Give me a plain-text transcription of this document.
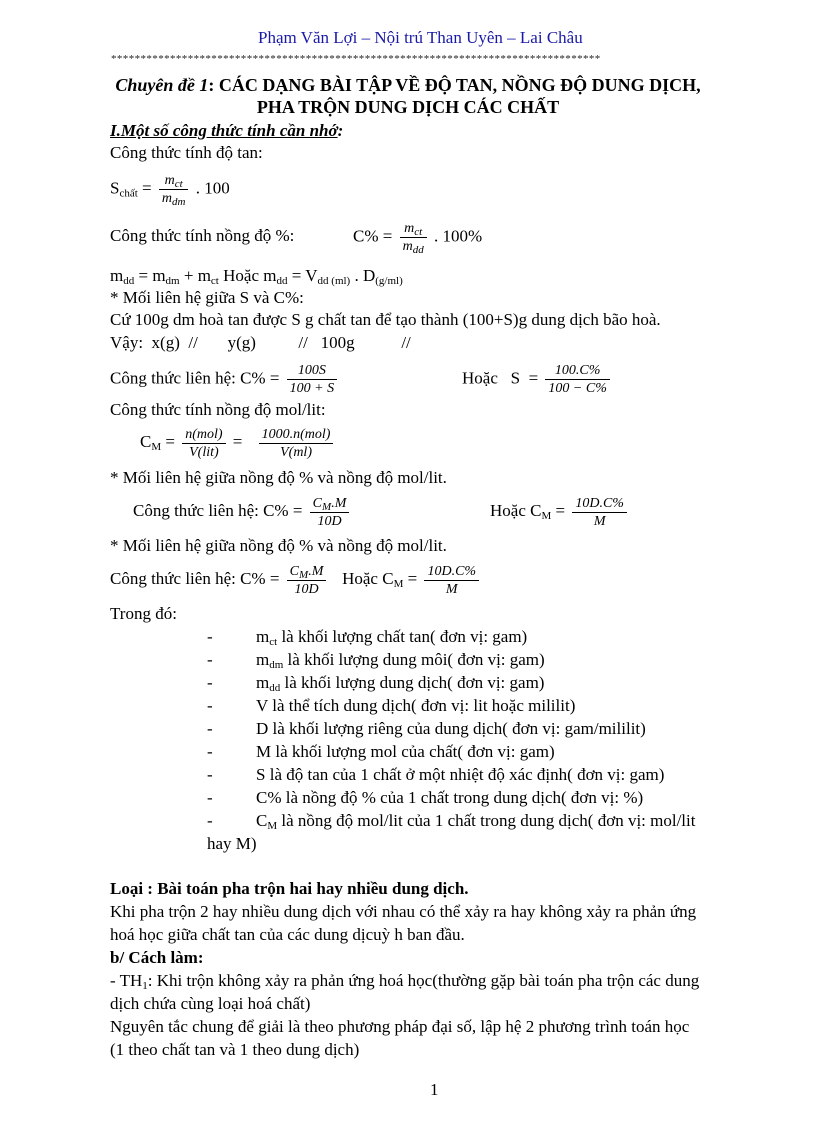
Phạm Văn Lợi – Nội trú Than Uyên – Lai Châu
***********************************************************************************
Chuyên đề 1: CÁC DẠNG BÀI TẬP VỀ ĐỘ TAN, NỒNG ĐỘ DUNG DỊCH,
PHA TRỘN DUNG DỊCH CÁC CHẤT
I.Một số công thức tính cần nhớ:
Công thức tính độ tan:
$S_{chất} = \frac{m_{ct}}{m_{dm}}$ . 100
Công thức tính nồng độ %:	$C\% = \frac{m_{ct}}{m_{dd}}$ . 100%
$m_{dd} = m_{dm} + m_{ct}$ Hoặc $m_{dd} = V_{dd (ml)}$ . $D_{(g/ml)}$
* Mối liên hệ giữa S và C%:
Cứ 100g dm hoà tan được S g chất tan để tạo thành (100+S)g dung dịch bão hoà.
Vậy:  x(g)  //       y(g)          //   100g           //
Công thức liên hệ: $C\% = \frac{100S}{100 + S}$	Hoặc   $S = \frac{100.C\%}{100 - C\%}$
Công thức tính nồng độ mol/lit:
$C_M = \frac{\text{n(mol)}}{\text{V(lit)}} = \frac{\text{1000.n(mol)}}{V(ml)}$
* Mối liên hệ giữa nồng độ % và nồng độ mol/lit.
Công thức liên hệ: $C\% = \frac{C_M.M}{10D}$	Hoặc $C_M = \frac{10D.C\%}{M}$
* Mối liên hệ giữa nồng độ % và nồng độ mol/lit.
Công thức liên hệ: $C\% = \frac{C_M.M}{10D}$ Hoặc $C_M = \frac{10D.C\%}{M}$
Trong đó:
-	$m_{ct}$ là khối lượng chất tan( đơn vị: gam)
-	$m_{dm}$ là khối lượng dung môi( đơn vị: gam)
-	$m_{dd}$ là khối lượng dung dịch( đơn vị: gam)
-	V là thể tích dung dịch( đơn vị: lit hoặc mililit)
-	D là khối lượng riêng của dung dịch( đơn vị: gam/mililit)
-	M là khối lượng mol của chất( đơn vị: gam)
-	S là độ tan của 1 chất ở một nhiệt độ xác định( đơn vị: gam)
-	C% là nồng độ % của 1 chất trong dung dịch( đơn vị: %)
-	$C_M$ là nồng độ mol/lit của 1 chất trong dung dịch( đơn vị: mol/lit
hay M)
Loại : Bài toán pha trộn hai hay nhiều dung dịch.
Khi pha trộn 2 hay nhiều dung dịch với nhau có thể xảy ra hay không xảy ra phản ứng
hoá học giữa chất tan của các dung dịcuỳ h ban đầu.
b/ Cách làm:
- $TH_1$: Khi trộn không xảy ra phản ứng hoá học(thường gặp bài toán pha trộn các dung
dịch chứa cùng loại hoá chất)
Nguyên tắc chung để giải là theo phương pháp đại số, lập hệ 2 phương trình toán học
(1 theo chất tan và 1 theo dung dịch)
1
